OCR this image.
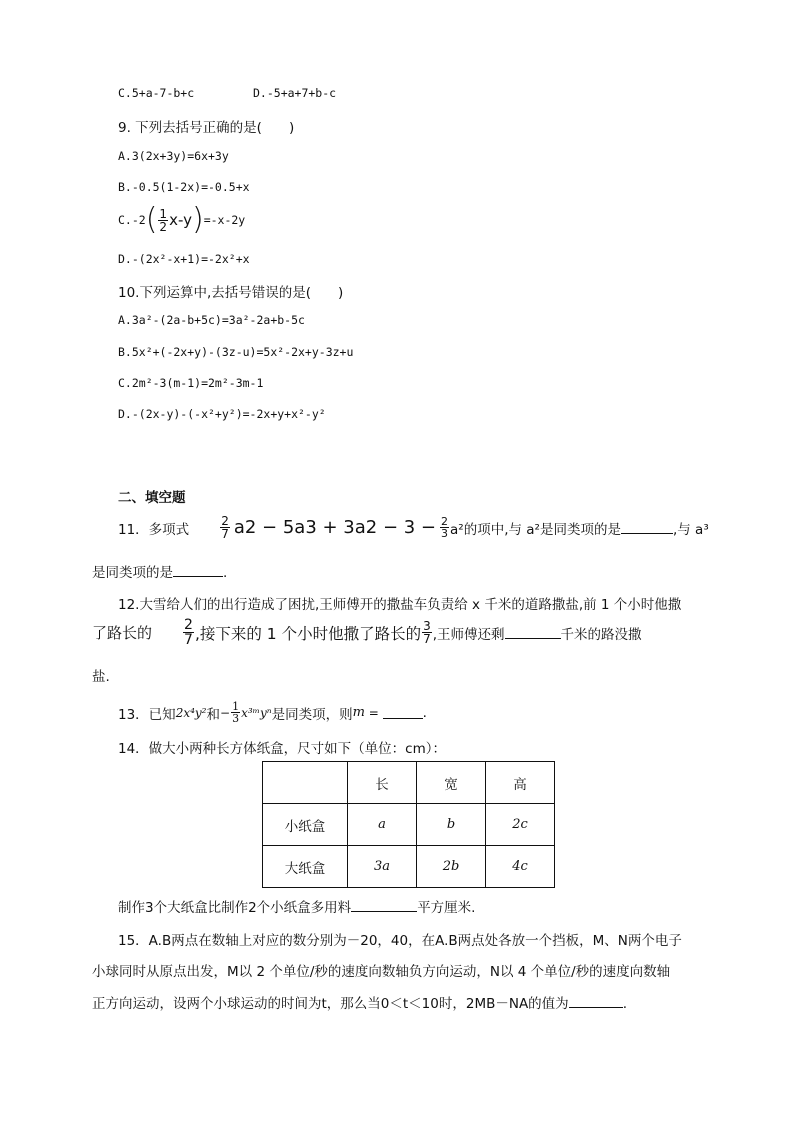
C.5+a-7-b+c	D.-5+a+7+b-c
9. 下列去括号正确的是(　　)
A.3(2x+3y)=6x+3y
B.-0.5(1-2x)=-0.5+x
C.-2 ( $\frac{1}{2} x-y$ ) =-x-2y
D.-(2x²-x+1)=-2x²+x
10.下列运算中,去括号错误的是(　　)
A.3a²-(2a-b+5c)=3a²-2a+b-5c
B.5x²+(-2x+y)-(3z-u)=5x²-2x+y-3z+u
C.2m²-3(m-1)=2m²-3m-1
D.-(2x-y)-(-x²+y²)=-2x+y+x²-y²
二、填空题
11．多项式	$\frac{2}{7} a2 - 5a3 + 3a2 - 3 - \frac{2}{3} a^2$的项中,与 a²是同类项的是	,与 a³
是同类项的是	.
12.大雪给人们的出行造成了困扰,王师傅开的撒盐车负责给 x 千米的道路撒盐,前 1 个小时他撒
了路长的 $\frac{2}{7}$ ,接下来的 1 个小时他撒了路长的 $\frac{3}{7}$ ,王师傅还剩	千米的路没撒
盐.
13．已知 2x⁴y² 和 − $\frac{1}{3}$ x³ᵐyⁿ 是同类项，则 m =	.
14．做大小两种长方体纸盒，尺寸如下（单位：cm）：
	长	宽	高
小纸盒	a	b	2c
大纸盒	3a	2b	4c
制作3个大纸盒比制作2个小纸盒多用料	平方厘米.
15．A.B两点在数轴上对应的数分别为－20，40，在A.B两点处各放一个挡板，M、N两个电子
小球同时从原点出发，M以 2 个单位/秒的速度向数轴负方向运动，N以 4 个单位/秒的速度向数轴
正方向运动，设两个小球运动的时间为t，那么当0＜t＜10时，2MB－NA的值为	.
